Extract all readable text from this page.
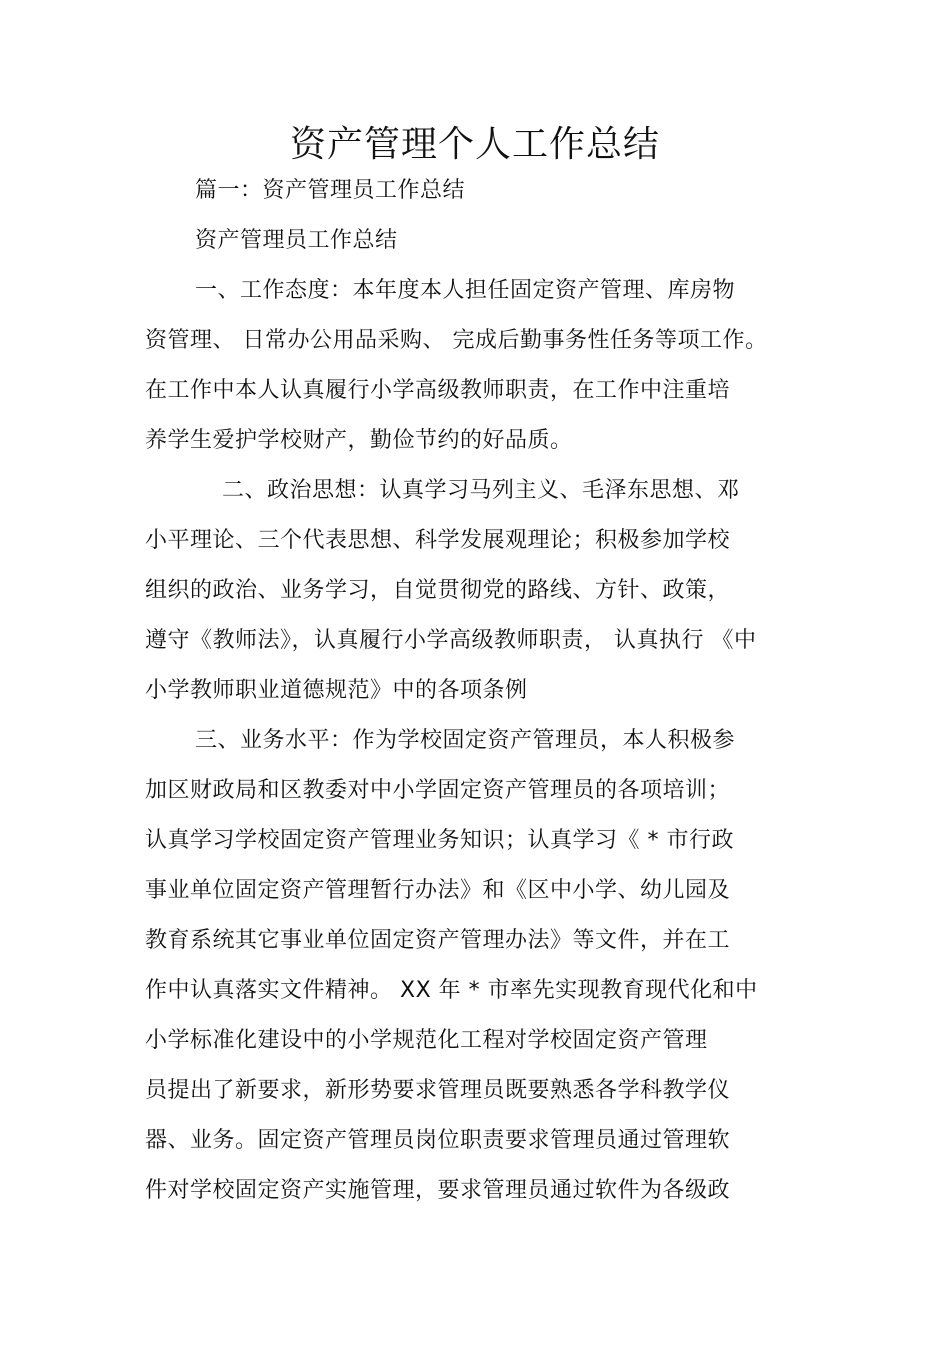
资产管理个人工作总结
篇一：资产管理员工作总结
资产管理员工作总结
一、工作态度：本年度本人担任固定资产管理、库房物
资管理、 日常办公用品采购、 完成后勤事务性任务等项工作。
在工作中本人认真履行小学高级教师职责，在工作中注重培
养学生爱护学校财产，勤俭节约的好品质。
二、政治思想：认真学习马列主义、毛泽东思想、邓
小平理论、三个代表思想、科学发展观理论；积极参加学校
组织的政治、业务学习，自觉贯彻党的路线、方针、政策，
遵守《教师法》，认真履行小学高级教师职责， 认真执行 《中
小学教师职业道德规范》中的各项条例
三、业务水平：作为学校固定资产管理员，本人积极参
加区财政局和区教委对中小学固定资产管理员的各项培训；
认真学习学校固定资产管理业务知识；认真学习《 * 市行政
事业单位固定资产管理暂行办法》和《区中小学、幼儿园及
教育系统其它事业单位固定资产管理办法》等文件，并在工
作中认真落实文件精神。 XX 年 * 市率先实现教育现代化和中
小学标准化建设中的小学规范化工程对学校固定资产管理
员提出了新要求，新形势要求管理员既要熟悉各学科教学仪
器、业务。固定资产管理员岗位职责要求管理员通过管理软
件对学校固定资产实施管理，要求管理员通过软件为各级政
